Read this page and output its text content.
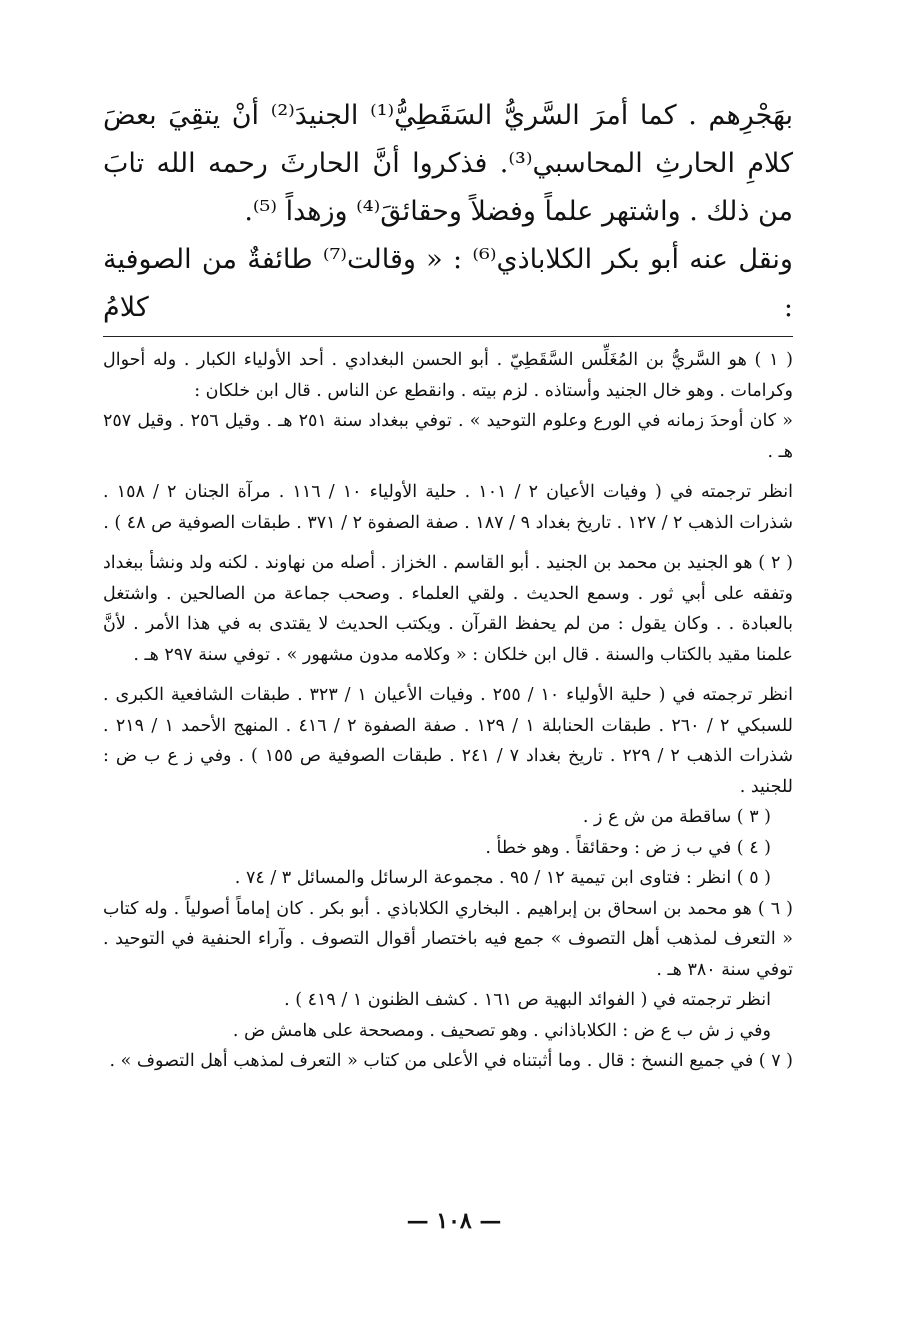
بهَجْرِهم . كما أمرَ السَّريُّ السَقَطِيُّ⁽¹⁾ الجنيدَ⁽²⁾ أنْ يتقِيَ بعضَ كلامِ الحارثِ المحاسبي⁽³⁾. فذكروا أنَّ الحارثَ رحمه الله تابَ من ذلك . واشتهر علماً وفضلاً وحقائقَ⁽⁴⁾ وزهداً ⁽⁵⁾.

ونقل عنه أبو بكر الكلاباذي⁽⁶⁾ : « وقالت⁽⁷⁾ طائفةٌ من الصوفية : كلامُ

( ١ ) هو السَّريُّ بن المُغَلِّس السَّقَطِيّ . أبو الحسن البغدادي . أحد الأولياء الكبار . وله أحوال وكرامات . وهو خال الجنيد وأستاذه . لزم بيته . وانقطع عن الناس . قال ابن خلكان :

« كان أوحدَ زمانه في الورع وعلوم التوحيد » . توفي ببغداد سنة ٢٥١ هـ . وقيل ٢٥٦ . وقيل ٢٥٧ هـ .

انظر ترجمته في ( وفيات الأعيان ٢ / ١٠١ . حلية الأولياء ١٠ / ١١٦ . مرآة الجنان ٢ / ١٥٨ . شذرات الذهب ٢ / ١٢٧ . تاريخ بغداد ٩ / ١٨٧ . صفة الصفوة ٢ / ٣٧١ . طبقات الصوفية ص ٤٨ ) .

( ٢ ) هو الجنيد بن محمد بن الجنيد . أبو القاسم . الخزاز . أصله من نهاوند . لكنه ولد ونشأ ببغداد وتفقه على أبي ثور . وسمع الحديث . ولقي العلماء . وصحب جماعة من الصالحين . واشتغل بالعبادة . . وكان يقول : من لم يحفظ القرآن . ويكتب الحديث لا يقتدى به في هذا الأمر . لأنَّ علمنا مقيد بالكتاب والسنة . قال ابن خلكان : « وكلامه مدون مشهور » . توفي سنة ٢٩٧ هـ .

انظر ترجمته في ( حلية الأولياء ١٠ / ٢٥٥ . وفيات الأعيان ١ / ٣٢٣ . طبقات الشافعية الكبرى . للسبكي ٢ / ٢٦٠ . طبقات الحنابلة ١ / ١٢٩ . صفة الصفوة ٢ / ٤١٦ . المنهج الأحمد ١ / ٢١٩ . شذرات الذهب ٢ / ٢٢٩ . تاريخ بغداد ٧ / ٢٤١ . طبقات الصوفية ص ١٥٥ ) . وفي ز ع ب ض : للجنيد .

( ٣ ) ساقطة من ش ع ز .

( ٤ ) في ب ز ض : وحقائقاً . وهو خطأ .

( ٥ ) انظر : فتاوى ابن تيمية ١٢ / ٩٥ . مجموعة الرسائل والمسائل ٣ / ٧٤ .

( ٦ ) هو محمد بن اسحاق بن إبراهيم . البخاري الكلاباذي . أبو بكر . كان إماماً أصولياً . وله كتاب « التعرف لمذهب أهل التصوف » جمع فيه باختصار أقوال التصوف . وآراء الحنفية في التوحيد . توفي سنة ٣٨٠ هـ .

انظر ترجمته في ( الفوائد البهية ص ١٦١ . كشف الظنون ١ / ٤١٩ ) .

وفي ز ش ب ع ض : الكلاباذاني . وهو تصحيف . ومصححة على هامش ض .

( ٧ ) في جميع النسخ : قال . وما أثبتناه في الأعلى من كتاب « التعرف لمذهب أهل التصوف » .

— ١٠٨ —
